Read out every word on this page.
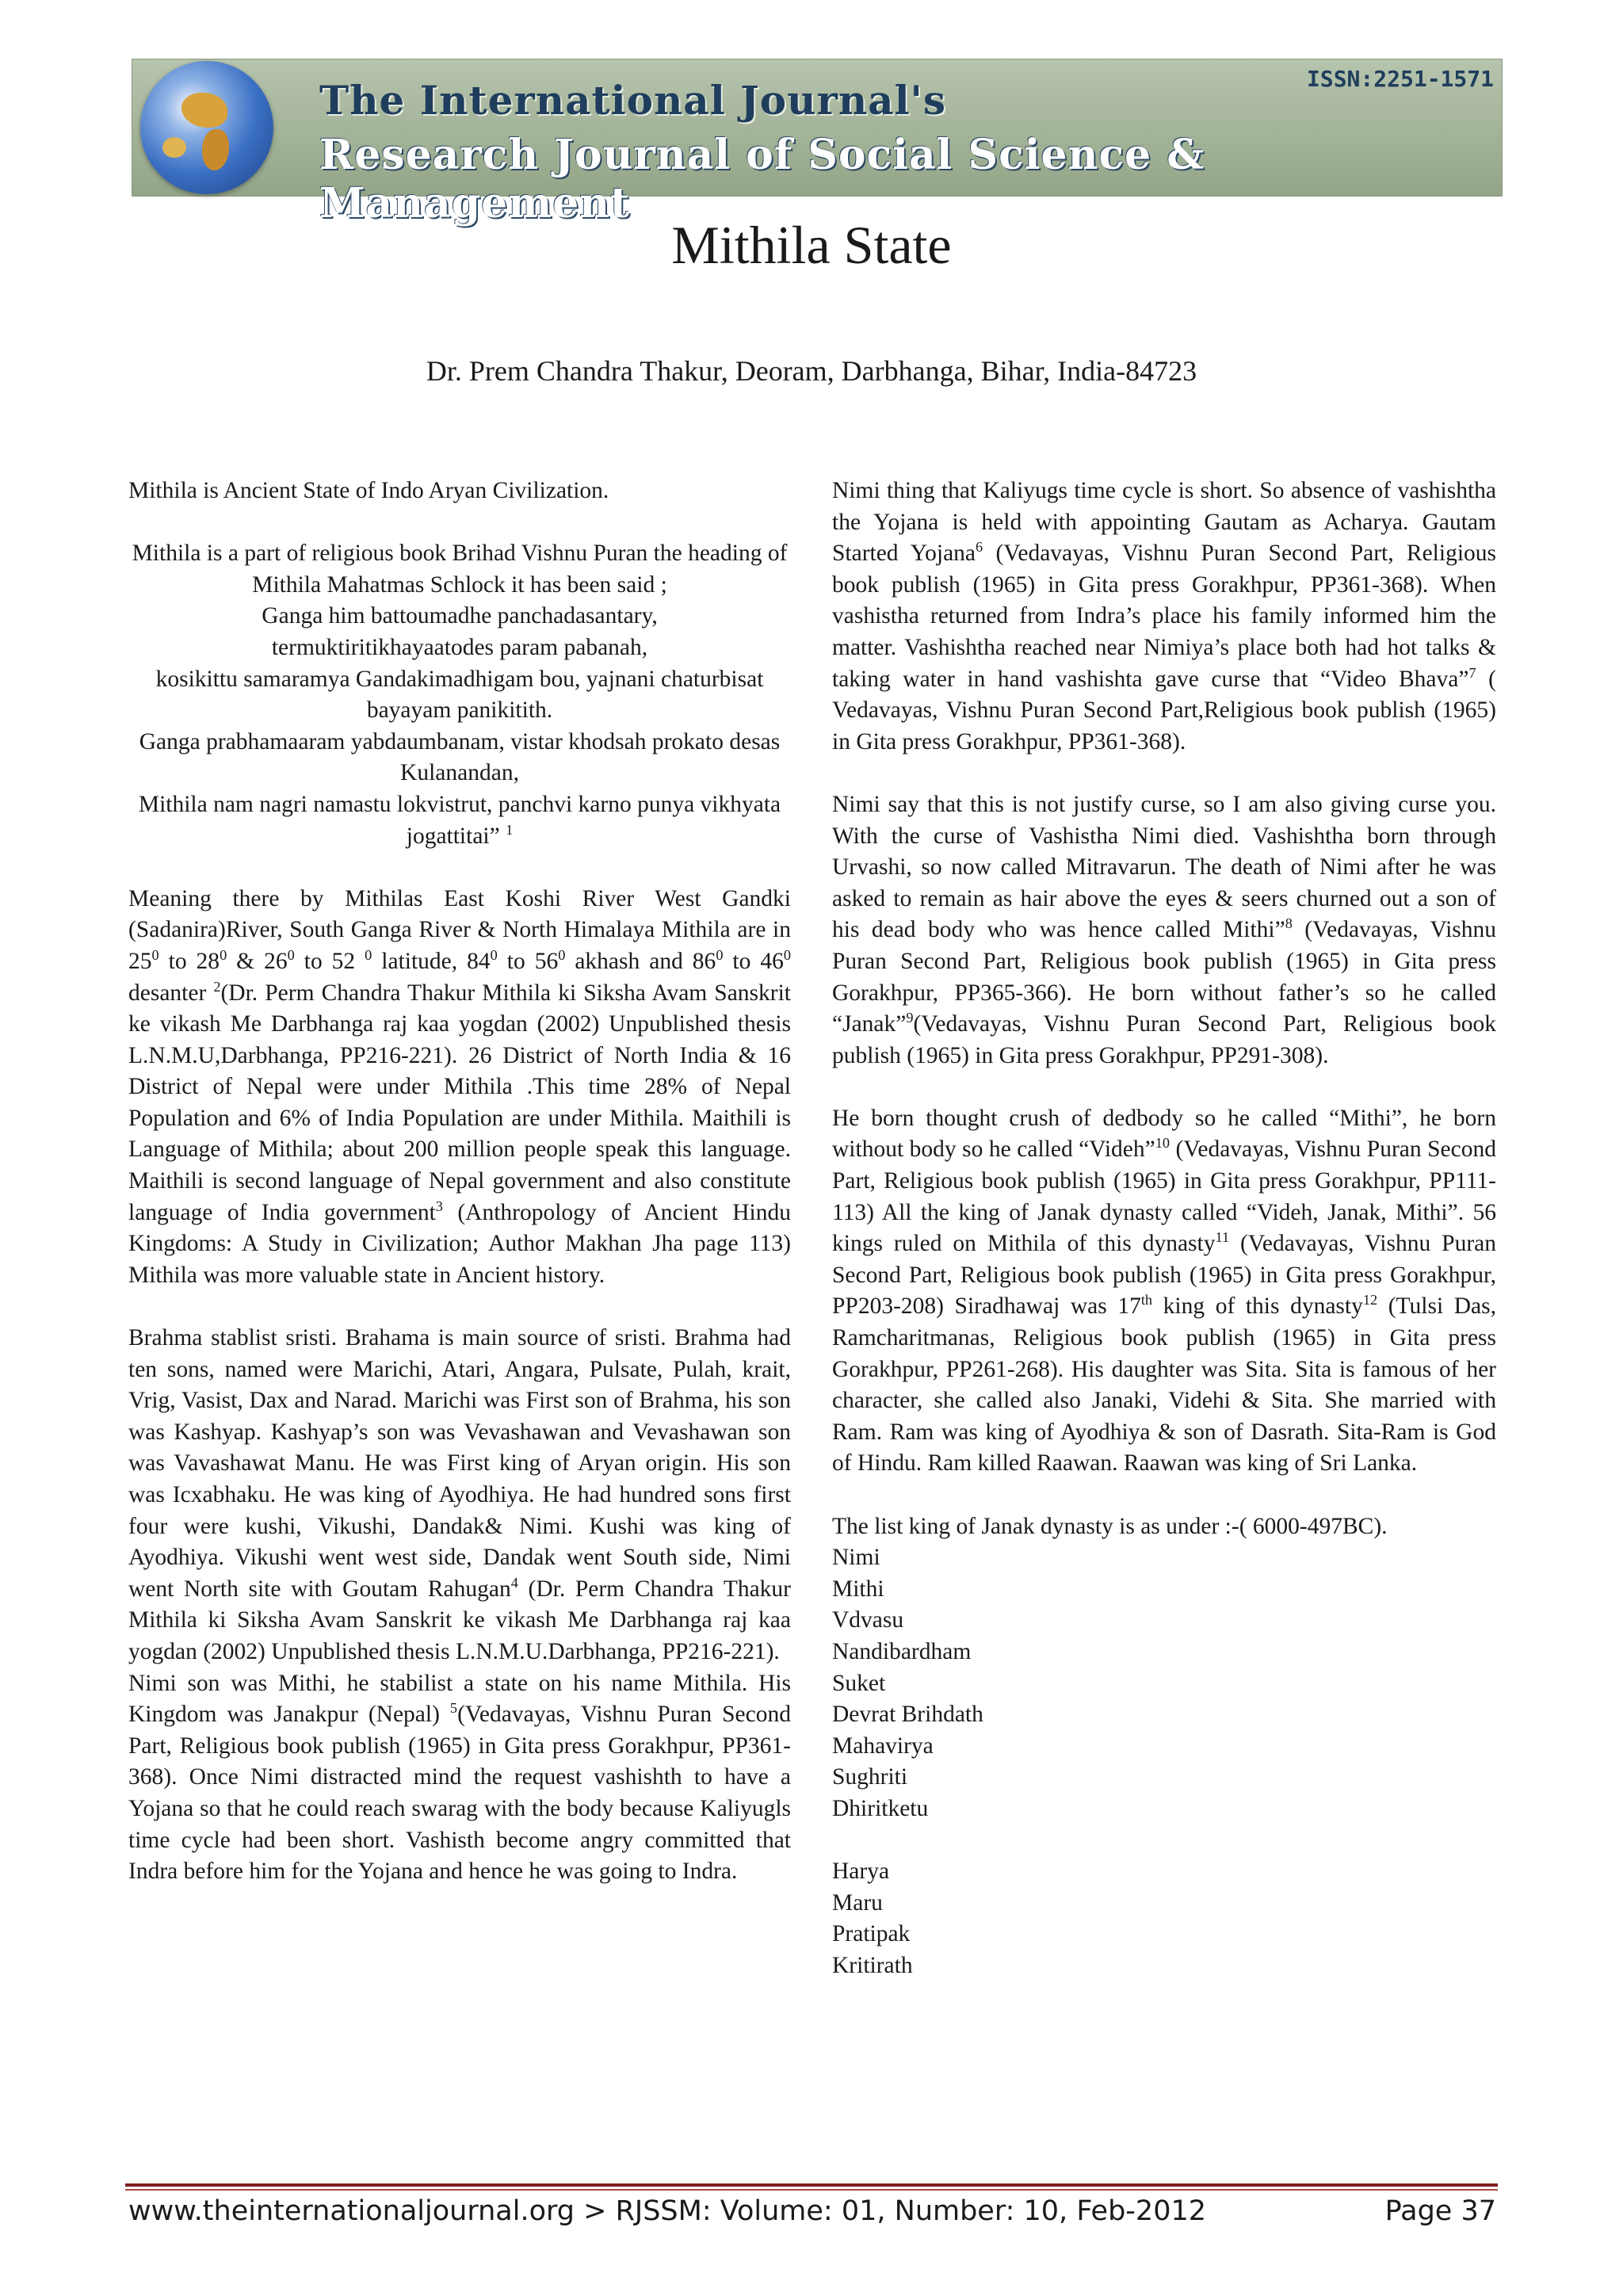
The International Journal's
Research Journal of Social Science & Management
ISSN:2251-1571
Mithila State
Dr. Prem Chandra Thakur, Deoram, Darbhanga, Bihar, India-84723

Mithila is Ancient State of Indo Aryan Civilization.

Mithila is a part of religious book Brihad Vishnu Puran the heading of Mithila Mahatmas Schlock it has been said ;

Ganga him battoumadhe panchadasantary,

termuktiritikhayaatodes param pabanah,

kosikittu samaramya Gandakimadhigam bou, yajnani chaturbisat bayayam panikitith.

Ganga prabhamaaram yabdaumbanam, vistar khodsah prokato desas Kulanandan,

Mithila nam nagri namastu lokvistrut, panchvi karno punya vikhyata jogattitai” $^1$

Meaning there by Mithilas East Koshi River West Gandki (Sadanira)River, South Ganga River & North Himalaya Mithila are in $25^0$ to $28^0$ & $26^0$ to 52 $^0$ latitude, $84^0$ to $56^0$ akhash and $86^0$ to $46^0$ desanter $^2$(Dr. Perm Chandra Thakur Mithila ki Siksha Avam Sanskrit ke vikash Me Darbhanga raj kaa yogdan (2002) Unpublished thesis L.N.M.U,Darbhanga, PP216-221). 26 District of North India & 16 District of Nepal were under Mithila .This time 28% of Nepal Population and 6% of India Population are under Mithila. Maithili is Language of Mithila; about 200 million people speak this language. Maithili is second language of Nepal government and also constitute language of India government$^3$ (Anthropology of Ancient Hindu Kingdoms: A Study in Civilization; Author Makhan Jha page 113) Mithila was more valuable state in Ancient history.

Brahma stablist sristi. Brahama is main source of sristi. Brahma had ten sons, named were Marichi, Atari, Angara, Pulsate, Pulah, krait, Vrig, Vasist, Dax and Narad. Marichi was First son of Brahma, his son was Kashyap. Kashyap’s son was Vevashawan and Vevashawan son was Vavashawat Manu. He was First king of Aryan origin. His son was Icxabhaku. He was king of Ayodhiya. He had hundred sons first four were kushi, Vikushi, Dandak& Nimi. Kushi was king of Ayodhiya. Vikushi went west side, Dandak went South side, Nimi went North site with Goutam Rahugan$^4$ (Dr. Perm Chandra Thakur Mithila ki Siksha Avam Sanskrit ke vikash Me Darbhanga raj kaa yogdan (2002) Unpublished thesis L.N.M.U.Darbhanga, PP216-221).

Nimi son was Mithi, he stabilist a state on his name Mithila. His Kingdom was Janakpur (Nepal) $^5$(Vedavayas, Vishnu Puran Second Part, Religious book publish (1965) in Gita press Gorakhpur, PP361-368). Once Nimi distracted mind the request vashishth to have a Yojana so that he could reach swarag with the body because Kaliyugls time cycle had been short. Vashisth become angry committed that Indra before him for the Yojana and hence he was going to Indra.

Nimi thing that Kaliyugs time cycle is short. So absence of vashishtha the Yojana is held with appointing Gautam as Acharya. Gautam Started Yojana$^6$ (Vedavayas, Vishnu Puran Second Part, Religious book publish (1965) in Gita press Gorakhpur, PP361-368). When vashistha returned from Indra’s place his family informed him the matter. Vashishtha reached near Nimiya’s place both had hot talks & taking water in hand vashishta gave curse that “Video Bhava”$^7$ ( Vedavayas, Vishnu Puran Second Part,Religious book publish (1965) in Gita press Gorakhpur, PP361-368).

Nimi say that this is not justify curse, so I am also giving curse you. With the curse of Vashistha Nimi died. Vashishtha born through Urvashi, so now called Mitravarun. The death of Nimi after he was asked to remain as hair above the eyes & seers churned out a son of his dead body who was hence called Mithi”$^8$ (Vedavayas, Vishnu Puran Second Part, Religious book publish (1965) in Gita press Gorakhpur, PP365-366). He born without father’s so he called “Janak”$^9$(Vedavayas, Vishnu Puran Second Part, Religious book publish (1965) in Gita press Gorakhpur, PP291-308).

He born thought crush of dedbody so he called “Mithi”, he born without body so he called “Videh”$^{10}$ (Vedavayas, Vishnu Puran Second Part, Religious book publish (1965) in Gita press Gorakhpur, PP111-113) All the king of Janak dynasty called “Videh, Janak, Mithi”. 56 kings ruled on Mithila of this dynasty$^{11}$ (Vedavayas, Vishnu Puran Second Part, Religious book publish (1965) in Gita press Gorakhpur, PP203-208) Siradhawaj was 17th king of this dynasty$^{12}$ (Tulsi Das, Ramcharitmanas, Religious book publish (1965) in Gita press Gorakhpur, PP261-268). His daughter was Sita. Sita is famous of her character, she called also Janaki, Videhi & Sita. She married with Ram. Ram was king of Ayodhiya & son of Dasrath. Sita-Ram is God of Hindu. Ram killed Raawan. Raawan was king of Sri Lanka.

The list king of Janak dynasty is as under :-( 6000-497BC).

Nimi

Mithi

Vdvasu

Nandibardham

Suket

Devrat Brihdath

Mahavirya

Sughriti

Dhiritketu

Harya

Maru

Pratipak

Kritirath

www.theinternationaljournal.org > RJSSM: Volume: 01, Number: 10, Feb-2012	Page 37
